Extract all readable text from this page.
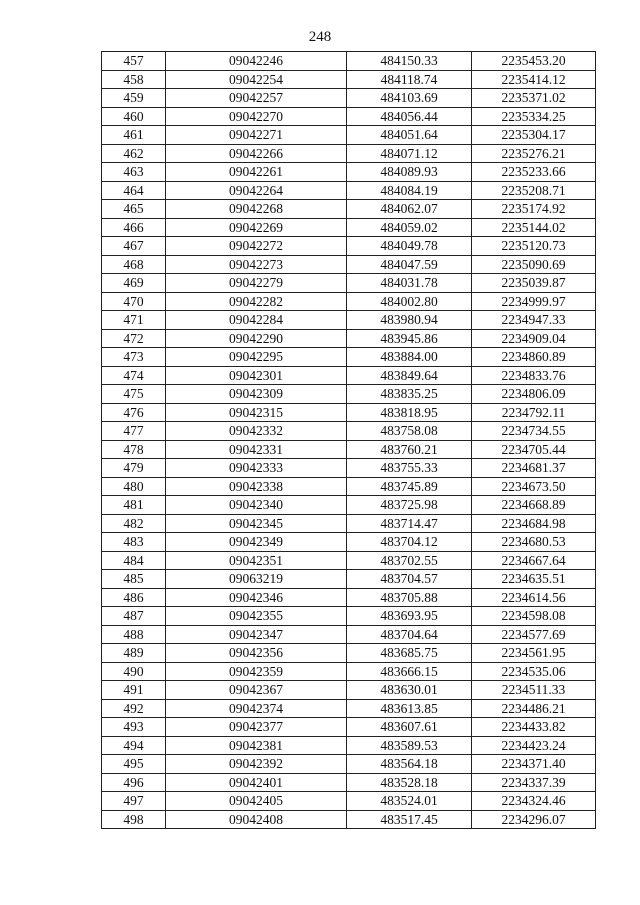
248
457	09042246	484150.33	2235453.20
458	09042254	484118.74	2235414.12
459	09042257	484103.69	2235371.02
460	09042270	484056.44	2235334.25
461	09042271	484051.64	2235304.17
462	09042266	484071.12	2235276.21
463	09042261	484089.93	2235233.66
464	09042264	484084.19	2235208.71
465	09042268	484062.07	2235174.92
466	09042269	484059.02	2235144.02
467	09042272	484049.78	2235120.73
468	09042273	484047.59	2235090.69
469	09042279	484031.78	2235039.87
470	09042282	484002.80	2234999.97
471	09042284	483980.94	2234947.33
472	09042290	483945.86	2234909.04
473	09042295	483884.00	2234860.89
474	09042301	483849.64	2234833.76
475	09042309	483835.25	2234806.09
476	09042315	483818.95	2234792.11
477	09042332	483758.08	2234734.55
478	09042331	483760.21	2234705.44
479	09042333	483755.33	2234681.37
480	09042338	483745.89	2234673.50
481	09042340	483725.98	2234668.89
482	09042345	483714.47	2234684.98
483	09042349	483704.12	2234680.53
484	09042351	483702.55	2234667.64
485	09063219	483704.57	2234635.51
486	09042346	483705.88	2234614.56
487	09042355	483693.95	2234598.08
488	09042347	483704.64	2234577.69
489	09042356	483685.75	2234561.95
490	09042359	483666.15	2234535.06
491	09042367	483630.01	2234511.33
492	09042374	483613.85	2234486.21
493	09042377	483607.61	2234433.82
494	09042381	483589.53	2234423.24
495	09042392	483564.18	2234371.40
496	09042401	483528.18	2234337.39
497	09042405	483524.01	2234324.46
498	09042408	483517.45	2234296.07
